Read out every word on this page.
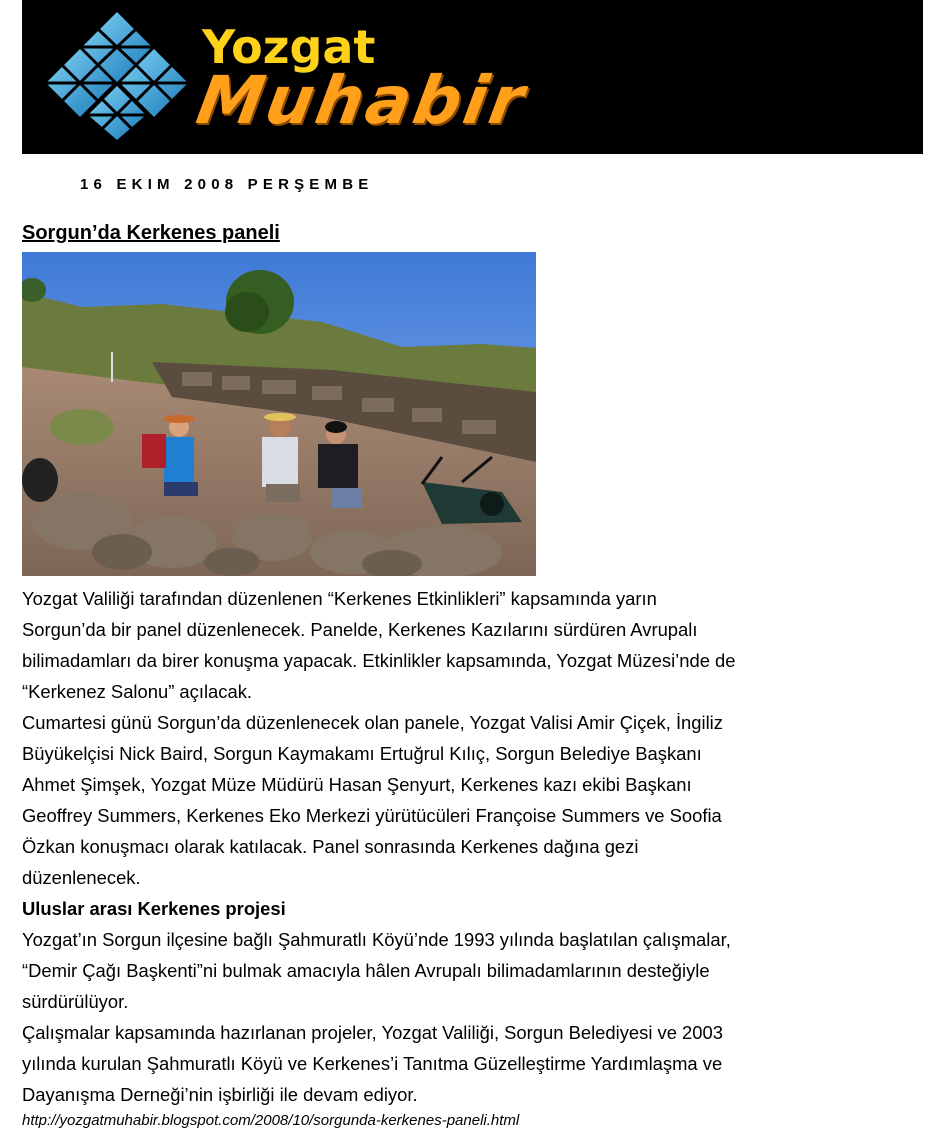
Yozgat
Muhabir
16 EKIM 2008 PERŞEMBE
Sorgun’da Kerkenes paneli

Yozgat Valiliği tarafından düzenlenen “Kerkenes Etkinlikleri” kapsamında yarın

Sorgun’da bir panel düzenlenecek. Panelde, Kerkenes Kazılarını sürdüren Avrupalı

bilimadamları da birer konuşma yapacak. Etkinlikler kapsamında, Yozgat Müzesi’nde de

“Kerkenez Salonu” açılacak.

Cumartesi günü Sorgun’da düzenlenecek olan panele, Yozgat Valisi Amir Çiçek, İngiliz

Büyükelçisi Nick Baird, Sorgun Kaymakamı Ertuğrul Kılıç, Sorgun Belediye Başkanı

Ahmet Şimşek, Yozgat Müze Müdürü Hasan Şenyurt, Kerkenes kazı ekibi Başkanı

Geoffrey Summers, Kerkenes Eko Merkezi yürütücüleri Françoise Summers ve Soofia

Özkan konuşmacı olarak katılacak. Panel sonrasında Kerkenes dağına gezi

düzenlenecek.

Uluslar arası Kerkenes projesi

Yozgat’ın Sorgun ilçesine bağlı Şahmuratlı Köyü’nde 1993 yılında başlatılan çalışmalar,

“Demir Çağı Başkenti”ni bulmak amacıyla hâlen Avrupalı bilimadamlarının desteğiyle

sürdürülüyor.

Çalışmalar kapsamında hazırlanan projeler, Yozgat Valiliği, Sorgun Belediyesi ve 2003

yılında kurulan Şahmuratlı Köyü ve Kerkenes’i Tanıtma Güzelleştirme Yardımlaşma ve

Dayanışma Derneği’nin işbirliği ile devam ediyor.

http://yozgatmuhabir.blogspot.com/2008/10/sorgunda-kerkenes-paneli.html
